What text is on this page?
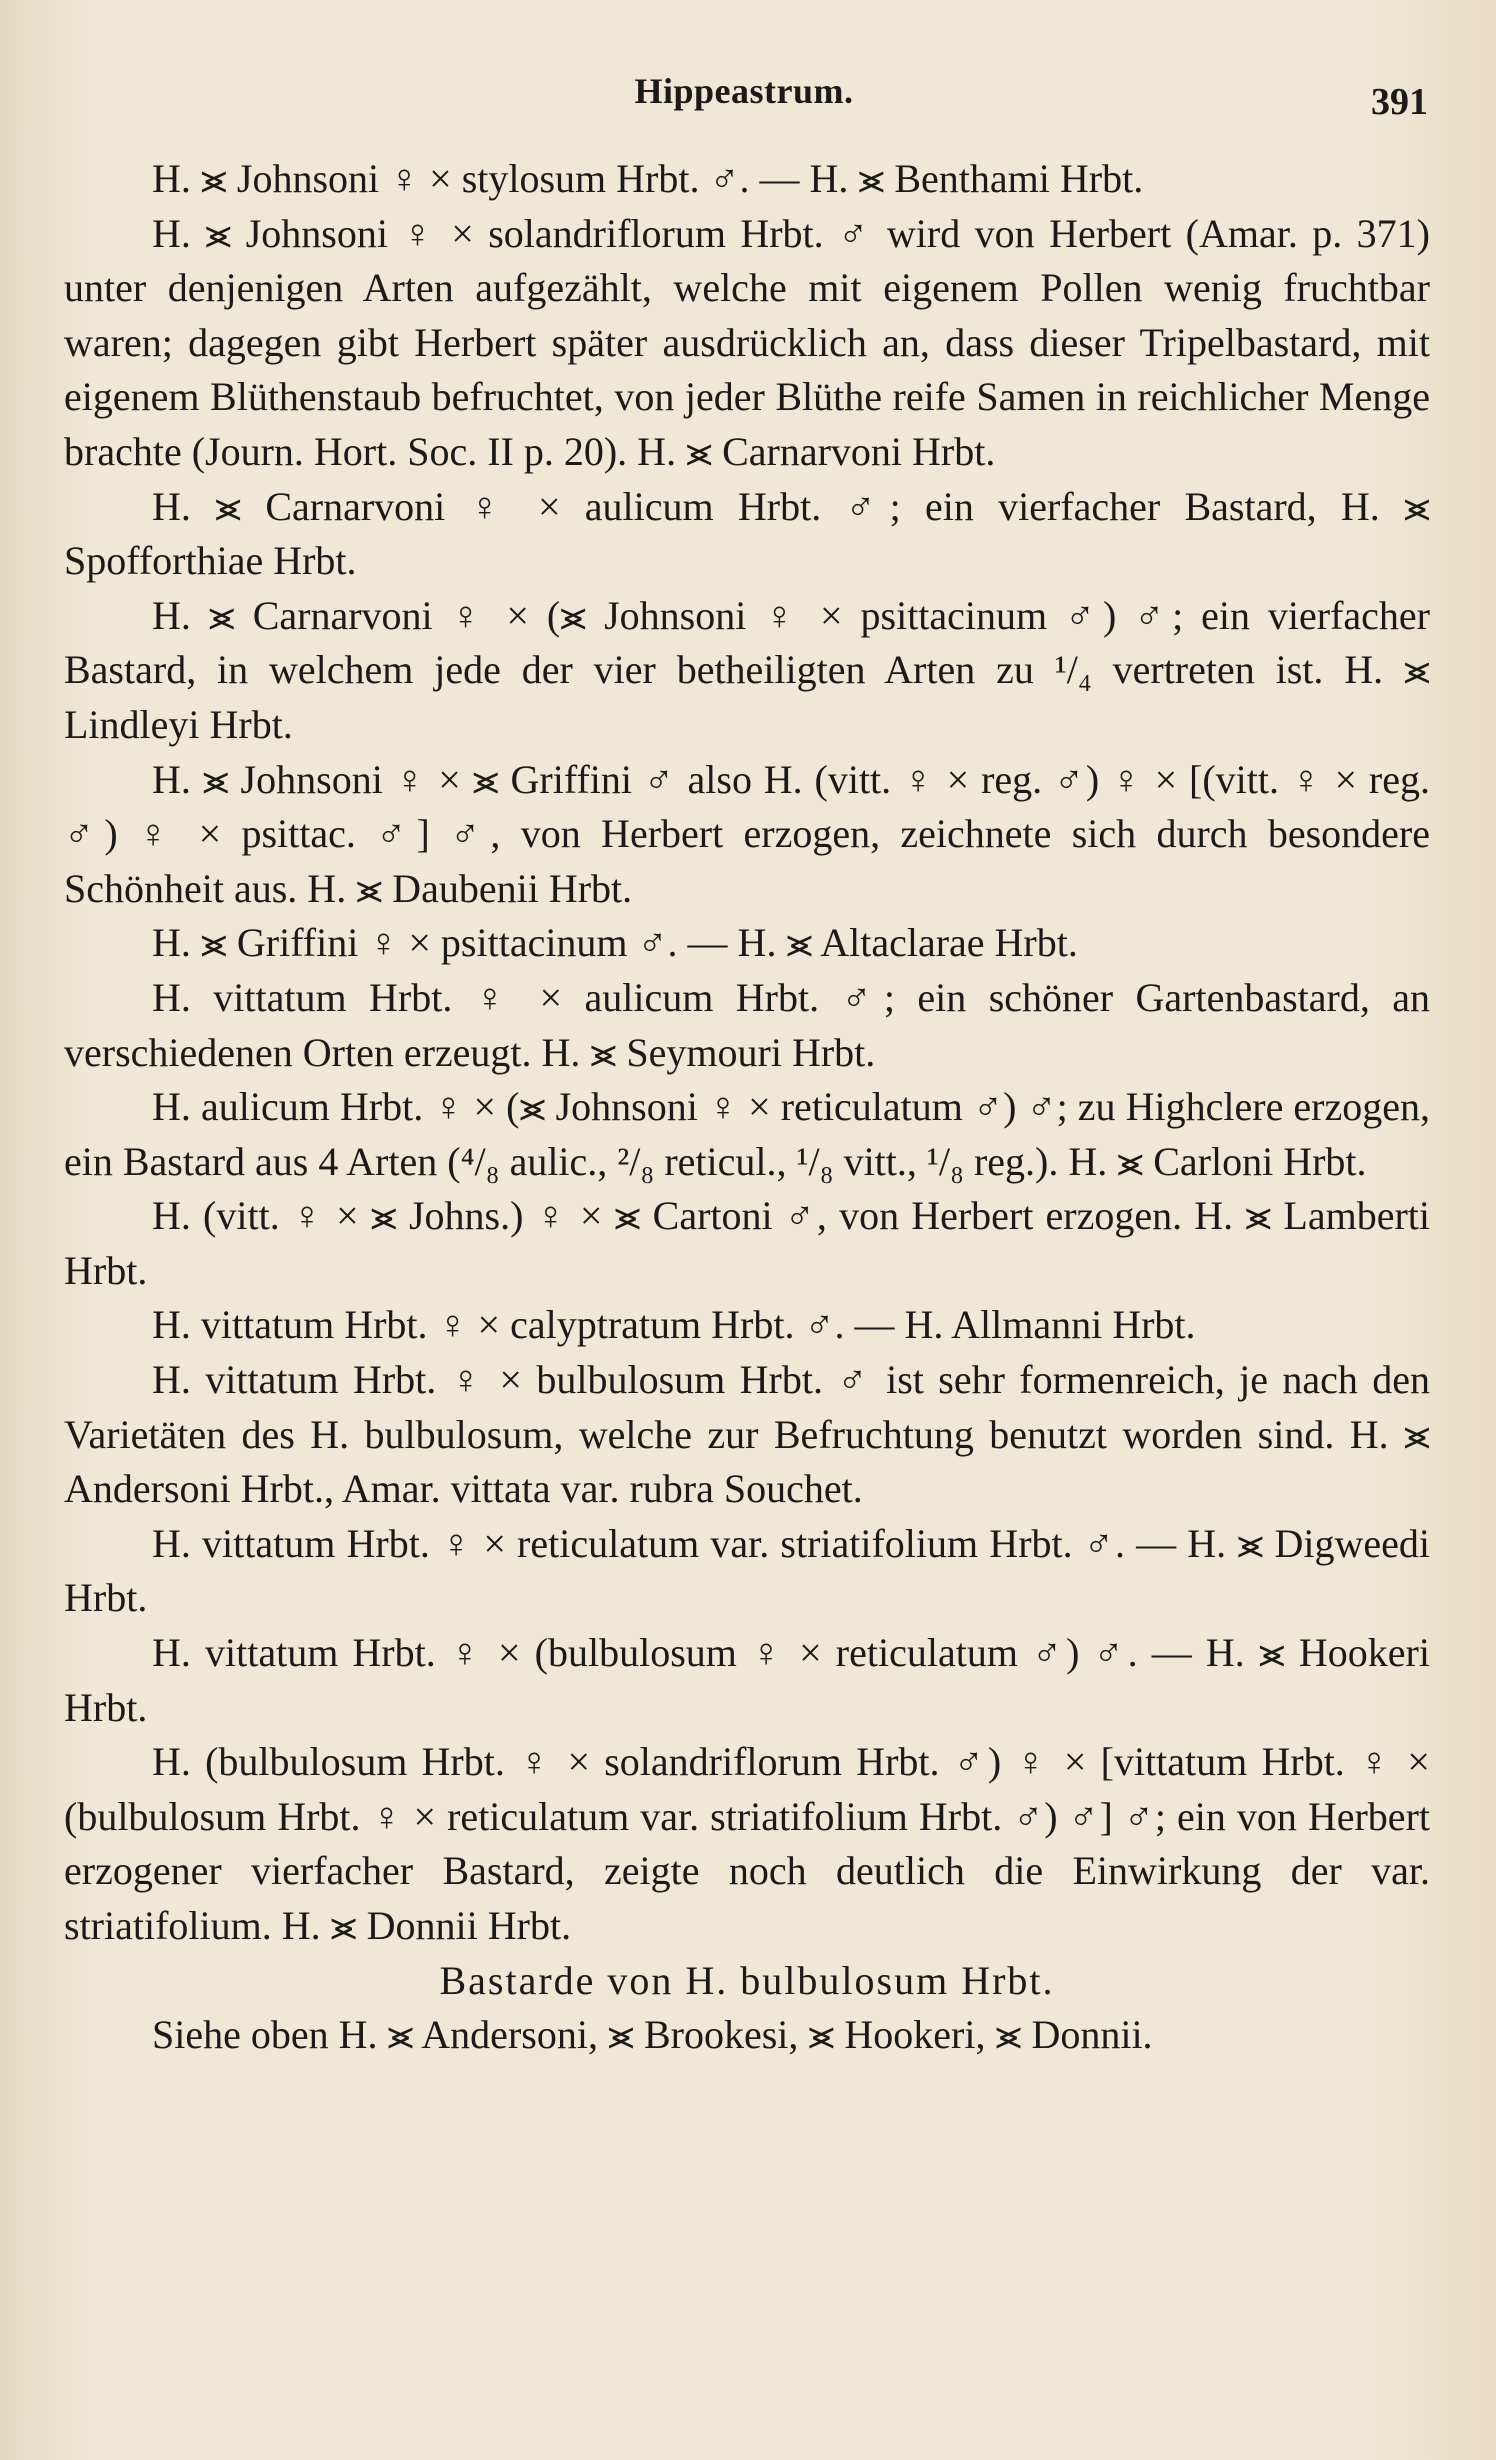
Hippeastrum.	391

H. ⪤ Johnsoni ♀ × stylosum Hrbt. ♂. — H. ⪤ Benthami Hrbt.

H. ⪤ Johnsoni ♀ × solandriflorum Hrbt. ♂ wird von Herbert (Amar. p. 371) unter denjenigen Arten aufgezählt, welche mit eigenem Pollen wenig fruchtbar waren; dagegen gibt Herbert später ausdrücklich an, dass dieser Tripelbastard, mit eigenem Blüthenstaub befruchtet, von jeder Blüthe reife Samen in reichlicher Menge brachte (Journ. Hort. Soc. II p. 20). H. ⪤ Carnarvoni Hrbt.

H. ⪤ Carnarvoni ♀ × aulicum Hrbt. ♂; ein vierfacher Bastard, H. ⪤ Spofforthiae Hrbt.

H. ⪤ Carnarvoni ♀ × (⪤ Johnsoni ♀ × psittacinum ♂) ♂; ein vierfacher Bastard, in welchem jede der vier betheiligten Arten zu ¹/₄ vertreten ist. H. ⪤ Lindleyi Hrbt.

H. ⪤ Johnsoni ♀ × ⪤ Griffini ♂ also H. (vitt. ♀ × reg. ♂) ♀ × [(vitt. ♀ × reg. ♂) ♀ × psittac. ♂] ♂, von Herbert erzogen, zeichnete sich durch besondere Schönheit aus. H. ⪤ Daubenii Hrbt.

H. ⪤ Griffini ♀ × psittacinum ♂. — H. ⪤ Altaclarae Hrbt.

H. vittatum Hrbt. ♀ × aulicum Hrbt. ♂; ein schöner Gartenbastard, an verschiedenen Orten erzeugt. H. ⪤ Seymouri Hrbt.

H. aulicum Hrbt. ♀ × (⪤ Johnsoni ♀ × reticulatum ♂) ♂; zu Highclere erzogen, ein Bastard aus 4 Arten (⁴/₈ aulic., ²/₈ reticul., ¹/₈ vitt., ¹/₈ reg.). H. ⪤ Carloni Hrbt.

H. (vitt. ♀ × ⪤ Johns.) ♀ × ⪤ Cartoni ♂, von Herbert erzogen. H. ⪤ Lamberti Hrbt.

H. vittatum Hrbt. ♀ × calyptratum Hrbt. ♂. — H. Allmanni Hrbt.

H. vittatum Hrbt. ♀ × bulbulosum Hrbt. ♂ ist sehr formenreich, je nach den Varietäten des H. bulbulosum, welche zur Befruchtung benutzt worden sind. H. ⪤ Andersoni Hrbt., Amar. vittata var. rubra Souchet.

H. vittatum Hrbt. ♀ × reticulatum var. striatifolium Hrbt. ♂. — H. ⪤ Digweedi Hrbt.

H. vittatum Hrbt. ♀ × (bulbulosum ♀ × reticulatum ♂) ♂. — H. ⪤ Hookeri Hrbt.

H. (bulbulosum Hrbt. ♀ × solandriflorum Hrbt. ♂) ♀ × [vittatum Hrbt. ♀ × (bulbulosum Hrbt. ♀ × reticulatum var. striatifolium Hrbt. ♂) ♂] ♂; ein von Herbert erzogener vierfacher Bastard, zeigte noch deutlich die Einwirkung der var. striatifolium. H. ⪤ Donnii Hrbt.

Bastarde von H. bulbulosum Hrbt.

Siehe oben H. ⪤ Andersoni, ⪤ Brookesi, ⪤ Hookeri, ⪤ Donnii.
